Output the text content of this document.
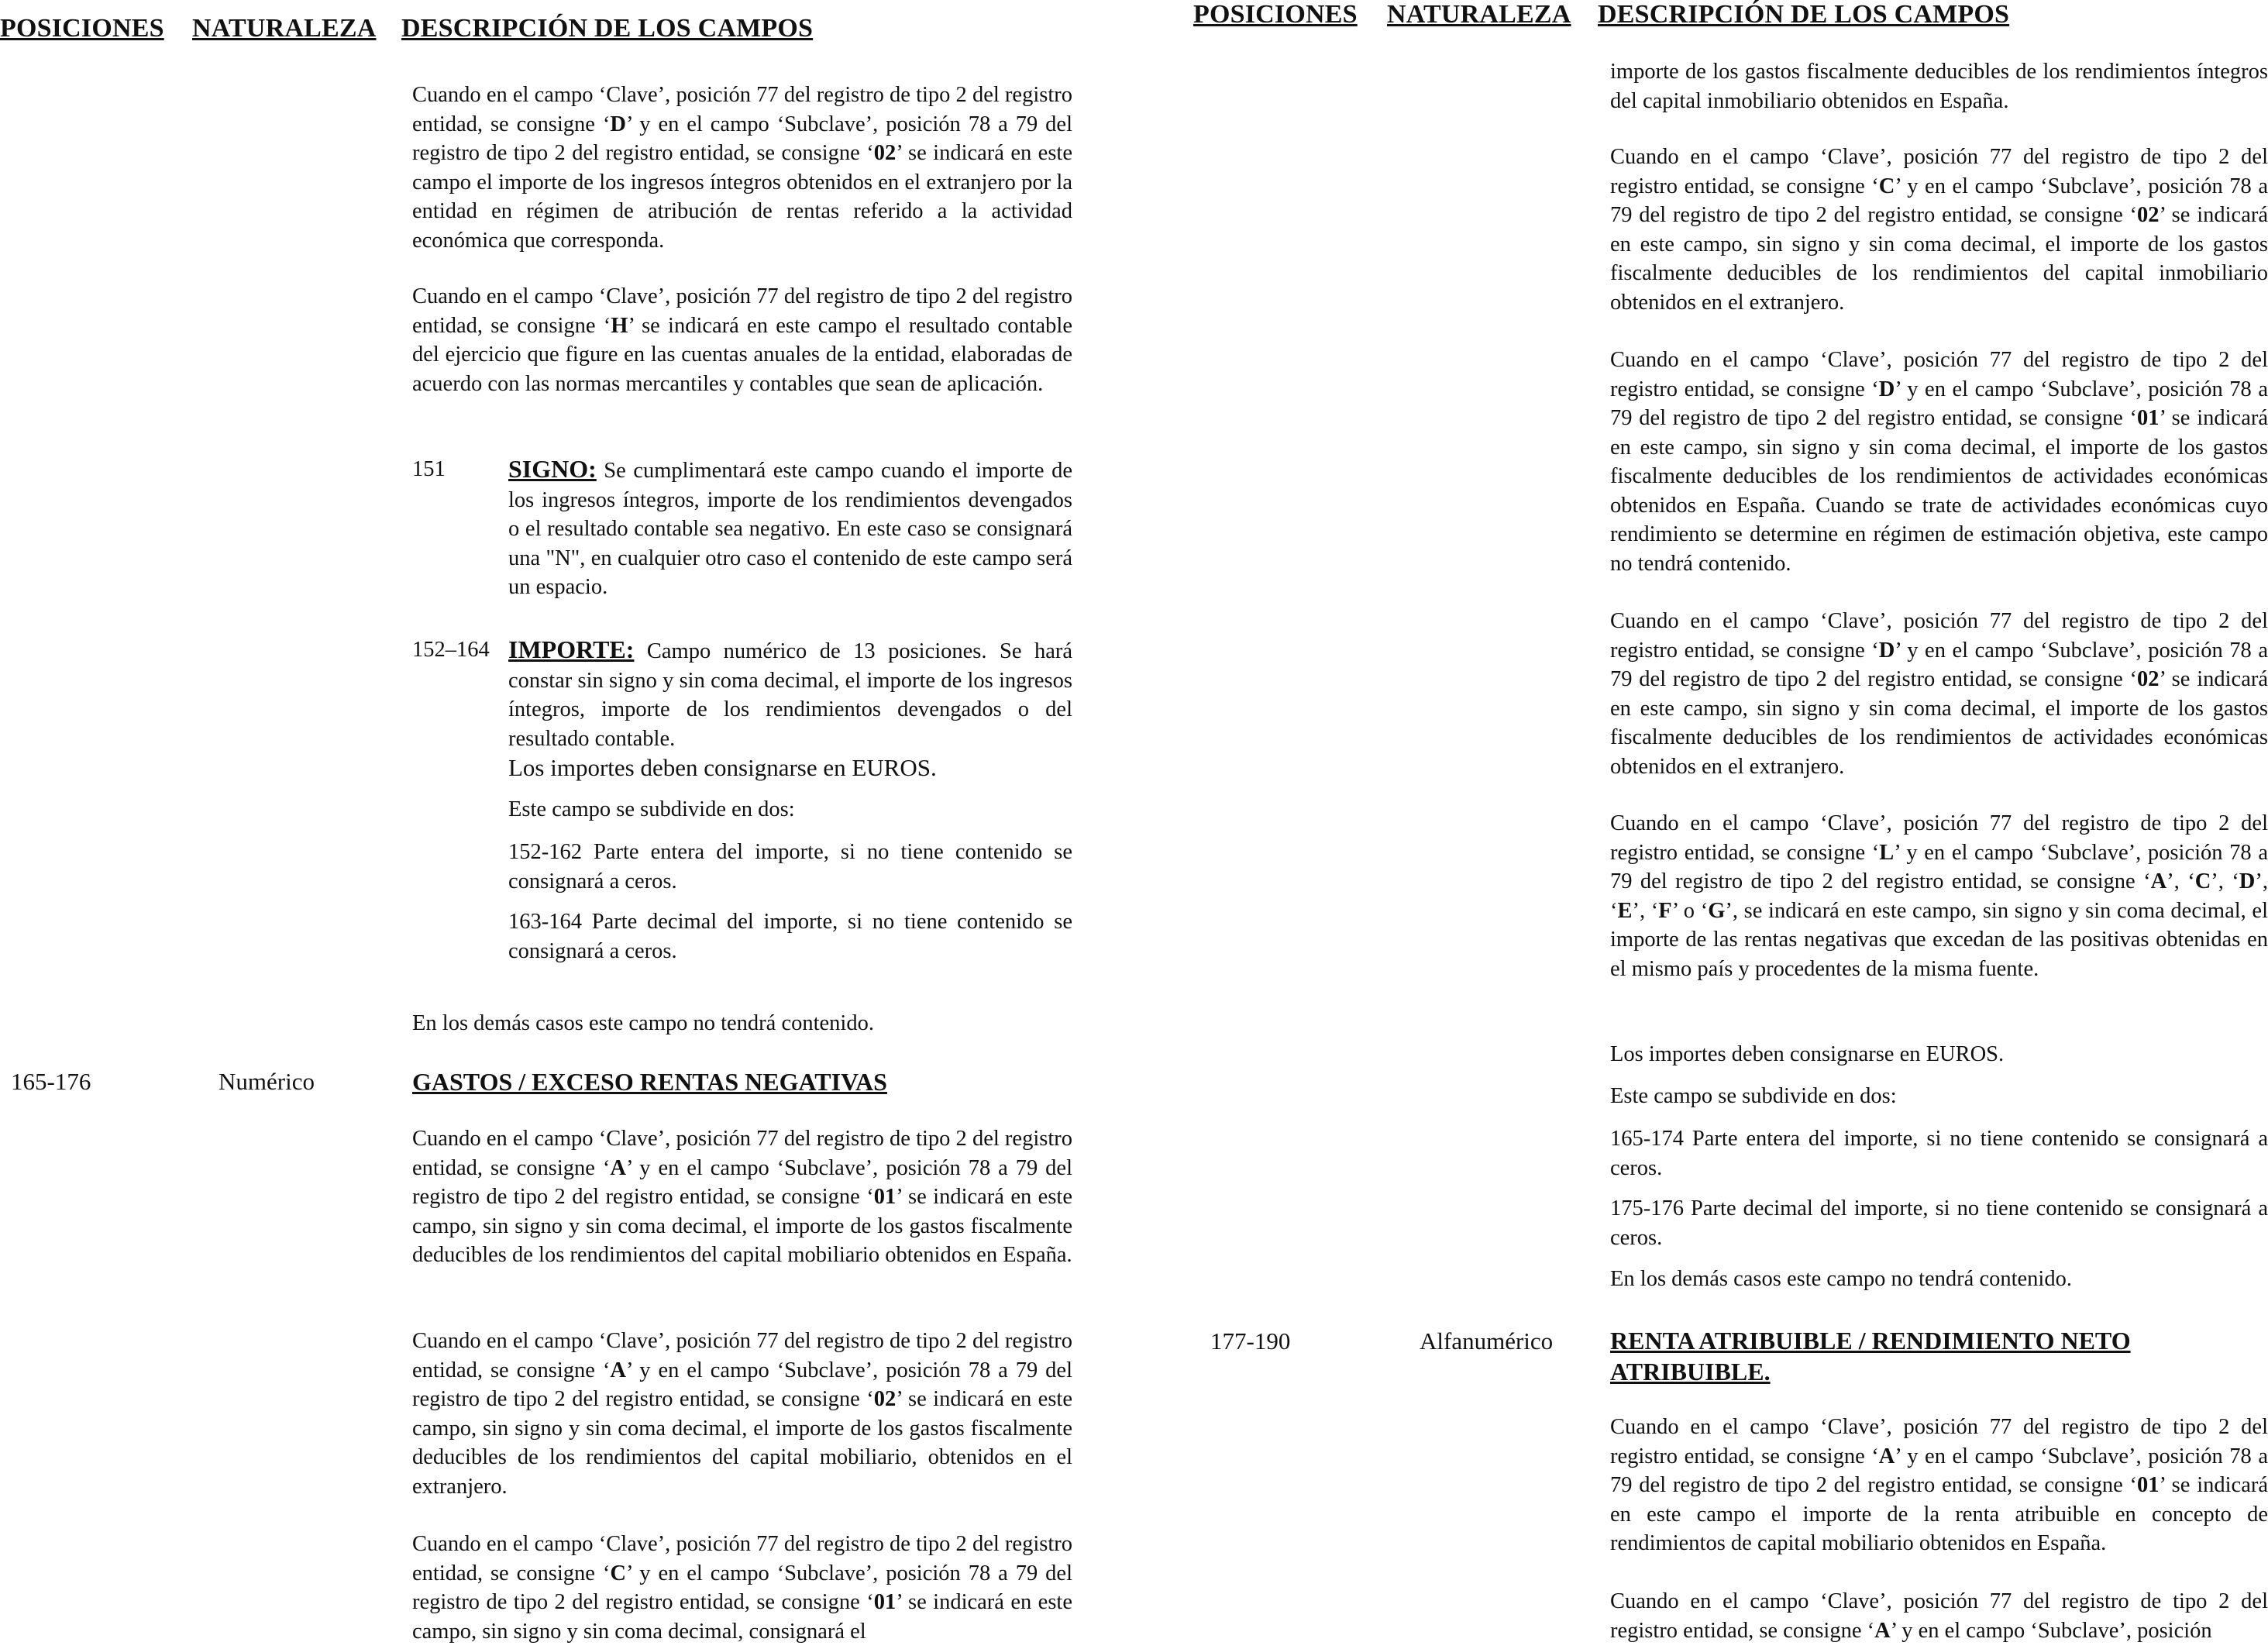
POSICIONES NATURALEZA DESCRIPCIÓN DE LOS CAMPOS

Cuando en el campo ‘Clave’, posición 77 del registro de tipo 2 del registro entidad, se consigne ‘D’ y en el campo ‘Subclave’, posición 78 a 79 del registro de tipo 2 del registro entidad, se consigne ‘02’ se indicará en este campo el importe de los ingresos íntegros obtenidos en el extranjero por la entidad en régimen de atribución de rentas referido a la actividad económica que corresponda.

Cuando en el campo ‘Clave’, posición 77 del registro de tipo 2 del registro entidad, se consigne ‘H’ se indicará en este campo el resultado contable del ejercicio que figure en las cuentas anuales de la entidad, elaboradas de acuerdo con las normas mercantiles y contables que sean de aplicación.

151	SIGNO: Se cumplimentará este campo cuando el importe de los ingresos íntegros, importe de los rendimientos devengados o el resultado contable sea negativo. En este caso se consignará una "N", en cualquier otro caso el contenido de este campo será un espacio.

152–164 IMPORTE: Campo numérico de 13 posiciones. Se hará constar sin signo y sin coma decimal, el importe de los ingresos íntegros, importe de los rendimientos devengados o del resultado contable.

Los importes deben consignarse en EUROS.
Este campo se subdivide en dos:

152-162 Parte entera del importe, si no tiene contenido se consignará a ceros.

163-164 Parte decimal del importe, si no tiene contenido se consignará a ceros.

En los demás casos este campo no tendrá contenido.
165-176	Numérico	GASTOS / EXCESO RENTAS NEGATIVAS

Cuando en el campo ‘Clave’, posición 77 del registro de tipo 2 del registro entidad, se consigne ‘A’ y en el campo ‘Subclave’, posición 78 a 79 del registro de tipo 2 del registro entidad, se consigne ‘01’ se indicará en este campo, sin signo y sin coma decimal, el importe de los gastos fiscalmente deducibles de los rendimientos del capital mobiliario obtenidos en España.

Cuando en el campo ‘Clave’, posición 77 del registro de tipo 2 del registro entidad, se consigne ‘A’ y en el campo ‘Subclave’, posición 78 a 79 del registro de tipo 2 del registro entidad, se consigne ‘02’ se indicará en este campo, sin signo y sin coma decimal, el importe de los gastos fiscalmente deducibles de los rendimientos del capital mobiliario, obtenidos en el extranjero.

Cuando en el campo ‘Clave’, posición 77 del registro de tipo 2 del registro entidad, se consigne ‘C’ y en el campo ‘Subclave’, posición 78 a 79 del registro de tipo 2 del registro entidad, se consigne ‘01’ se indicará en este campo, sin signo y sin coma decimal, consignará el

POSICIONES NATURALEZA DESCRIPCIÓN DE LOS CAMPOS

importe de los gastos fiscalmente deducibles de los rendimientos íntegros del capital inmobiliario obtenidos en España.

Cuando en el campo ‘Clave’, posición 77 del registro de tipo 2 del registro entidad, se consigne ‘C’ y en el campo ‘Subclave’, posición 78 a 79 del registro de tipo 2 del registro entidad, se consigne ‘02’ se indicará en este campo, sin signo y sin coma decimal, el importe de los gastos fiscalmente deducibles de los rendimientos del capital inmobiliario obtenidos en el extranjero.

Cuando en el campo ‘Clave’, posición 77 del registro de tipo 2 del registro entidad, se consigne ‘D’ y en el campo ‘Subclave’, posición 78 a 79 del registro de tipo 2 del registro entidad, se consigne ‘01’ se indicará en este campo, sin signo y sin coma decimal, el importe de los gastos fiscalmente deducibles de los rendimientos de actividades económicas obtenidos en España. Cuando se trate de actividades económicas cuyo rendimiento se determine en régimen de estimación objetiva, este campo no tendrá contenido.

Cuando en el campo ‘Clave’, posición 77 del registro de tipo 2 del registro entidad, se consigne ‘D’ y en el campo ‘Subclave’, posición 78 a 79 del registro de tipo 2 del registro entidad, se consigne ‘02’ se indicará en este campo, sin signo y sin coma decimal, el importe de los gastos fiscalmente deducibles de los rendimientos de actividades económicas obtenidos en el extranjero.

Cuando en el campo ‘Clave’, posición 77 del registro de tipo 2 del registro entidad, se consigne ‘L’ y en el campo ‘Subclave’, posición 78 a 79 del registro de tipo 2 del registro entidad, se consigne ‘A’, ‘C’, ‘D’, ‘E’, ‘F’ o ‘G’, se indicará en este campo, sin signo y sin coma decimal, el importe de las rentas negativas que excedan de las positivas obtenidas en el mismo país y procedentes de la misma fuente.

Los importes deben consignarse en EUROS.
Este campo se subdivide en dos:

165-174 Parte entera del importe, si no tiene contenido se consignará a ceros.

175-176 Parte decimal del importe, si no tiene contenido se consignará a ceros.

En los demás casos este campo no tendrá contenido.
177-190	Alfanumérico RENTA ATRIBUIBLE / RENDIMIENTO NETO ATRIBUIBLE.

Cuando en el campo ‘Clave’, posición 77 del registro de tipo 2 del registro entidad, se consigne ‘A’ y en el campo ‘Subclave’, posición 78 a 79 del registro de tipo 2 del registro entidad, se consigne ‘01’ se indicará en este campo el importe de la renta atribuible en concepto de rendimientos de capital mobiliario obtenidos en España.

Cuando en el campo ‘Clave’, posición 77 del registro de tipo 2 del registro entidad, se consigne ‘A’ y en el campo ‘Subclave’, posición
